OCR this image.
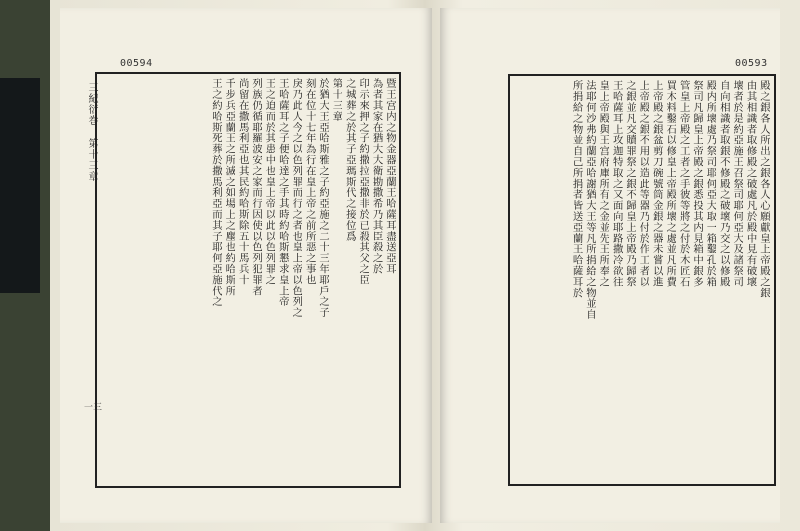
00594	00593
三紀衍巻 第十三章
一三
暨王宫内之物金器亞蘭王哈薩耳盡送亞耳
為者其家在猶大大衛勘撒希乃其臣殺之於
印示來押之子約撒拉亞撒非於已殺其父之臣
之城葬之於其子亞瑪斯代之接位爲
第十三章
於猶大王亞哈斯雅之子約亞施之二十三年耶戶之子
刻在位十七年為行在皇上帝之前所惡之事也
戾乃此人今之以色列罪而行之者也皇上帝以色列之
王哈薩耳之子便哈達之手其時約哈斯懇求皇上帝
王之迫而於其患中也皇上帝以此以色列罪之
列族仍循耶羅波安之家而行因使以色列犯罪者
尚留在撒馬利亞也其民約哈斯除五十馬兵十
千步兵亞蘭王之所滅之如場上之塵也約哈斯所
王之約哈斯死葬於撒馬利亞而其子耶何亞施代之	殿之銀各人所出之銀各人心願獻皇上帝殿之銀
由其相識者取修殿之破處凡於殿中見有破壞
壞者於是約亞施王召祭司耶何亞大及諸祭司
自向相識者取銀不修殿之破壞乃交之以修殿
殿内所壞處乃祭司耶何亞大取一箱鑿孔於箱
祭司凡歸皇上帝殿之銀悉投其内見箱中銀多
管皇上帝殿之工者之手彼等將之付於木匠石
買木料鑿石以修皇上帝殿所壞之處並凡所費
上帝殿之銀盆剪刀碗號筒金銀之器未嘗以進
上帝殿之銀不用以造此等器乃付於作工者以
之銀並凡交贖罪祭之銀不歸皇上帝殿乃歸祭
王哈薩耳上攻迦特取之又面向耶路撒冷欲往
皇上帝殿與王宫府庫所有之金並先王所奉之
法耶何沙弗約蘭亞哈謝猶大王等凡所捐給之物並自
所捐給之物並自己所捐者皆送亞蘭王哈薩耳於
